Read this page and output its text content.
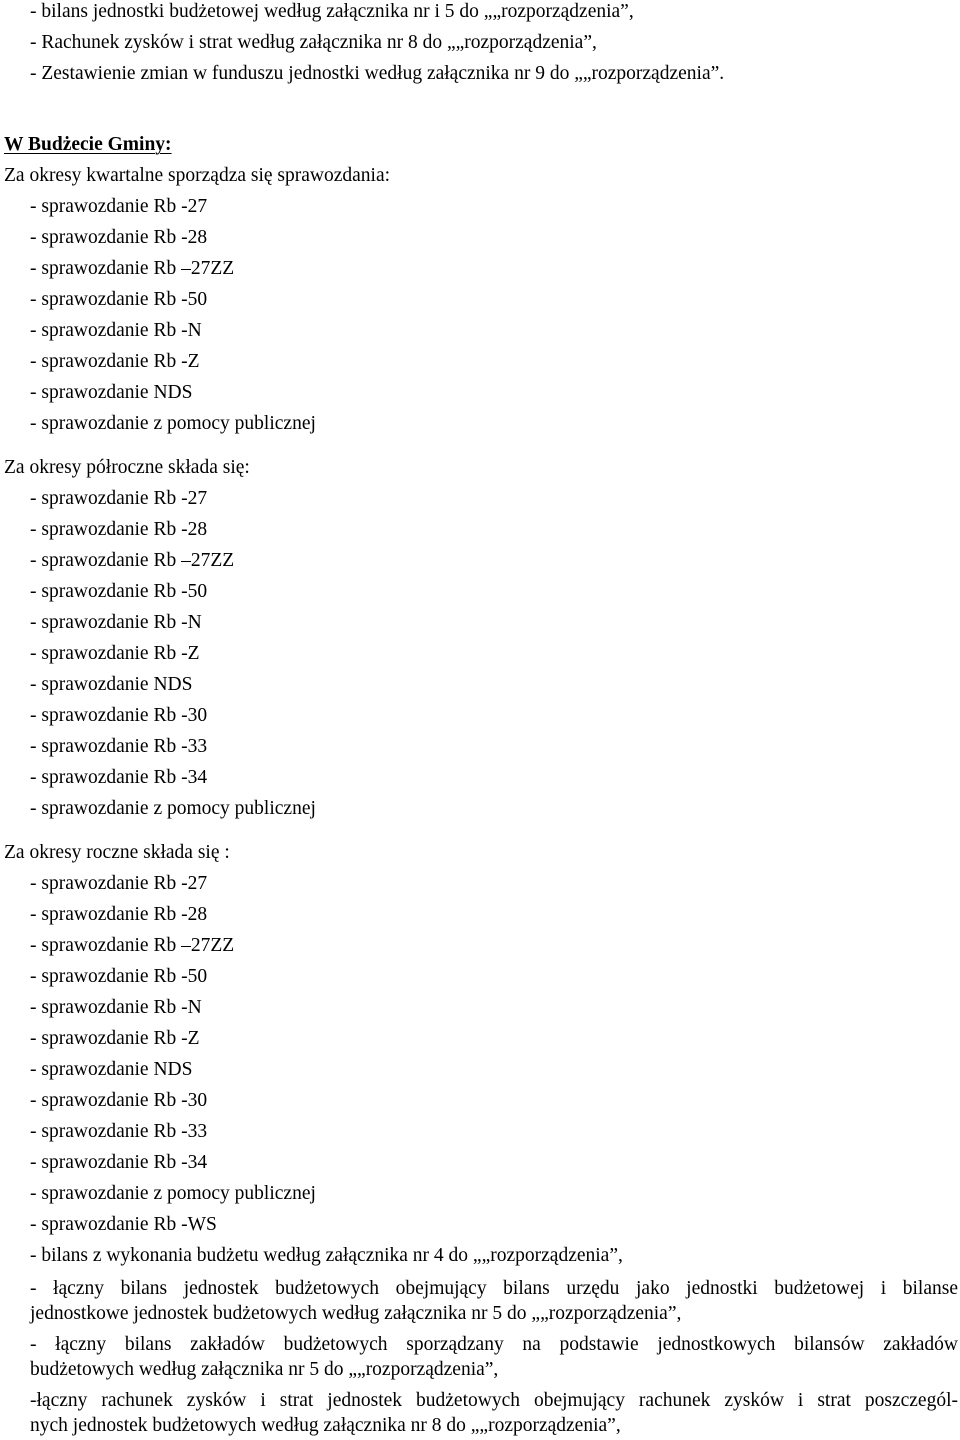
- bilans jednostki budżetowej według załącznika nr i 5 do „„rozporządzenia”,
- Rachunek zysków i strat według załącznika nr 8 do „„rozporządzenia”,
- Zestawienie zmian w funduszu jednostki według załącznika nr 9 do „„rozporządzenia”.
W Budżecie Gminy:
Za okresy kwartalne sporządza się sprawozdania:
- sprawozdanie Rb -27
- sprawozdanie Rb -28
- sprawozdanie Rb –27ZZ
- sprawozdanie Rb -50
- sprawozdanie Rb -N
- sprawozdanie Rb -Z
- sprawozdanie NDS
- sprawozdanie z pomocy publicznej
Za okresy półroczne składa się:
- sprawozdanie Rb -27
- sprawozdanie Rb -28
- sprawozdanie Rb –27ZZ
- sprawozdanie Rb -50
- sprawozdanie Rb -N
- sprawozdanie Rb -Z
- sprawozdanie NDS
- sprawozdanie Rb -30
- sprawozdanie Rb -33
- sprawozdanie Rb -34
- sprawozdanie z pomocy publicznej
Za okresy roczne składa się :
- sprawozdanie Rb -27
- sprawozdanie Rb -28
- sprawozdanie Rb –27ZZ
- sprawozdanie Rb -50
- sprawozdanie Rb -N
- sprawozdanie Rb -Z
- sprawozdanie NDS
- sprawozdanie Rb -30
- sprawozdanie Rb -33
- sprawozdanie Rb -34
- sprawozdanie z pomocy publicznej
- sprawozdanie Rb -WS
- bilans z wykonania budżetu według załącznika nr 4 do „„rozporządzenia”,
- łączny bilans jednostek budżetowych obejmujący bilans urzędu jako jednostki budżetowej i bilanse
jednostkowe jednostek budżetowych według załącznika nr 5 do „„rozporządzenia”,
- łączny bilans zakładów budżetowych sporządzany na podstawie jednostkowych bilansów zakładów
budżetowych według załącznika nr 5 do „„rozporządzenia”,
-łączny rachunek zysków i strat jednostek budżetowych obejmujący rachunek zysków i strat poszczegól-
nych jednostek budżetowych według załącznika nr 8 do „„rozporządzenia”,
